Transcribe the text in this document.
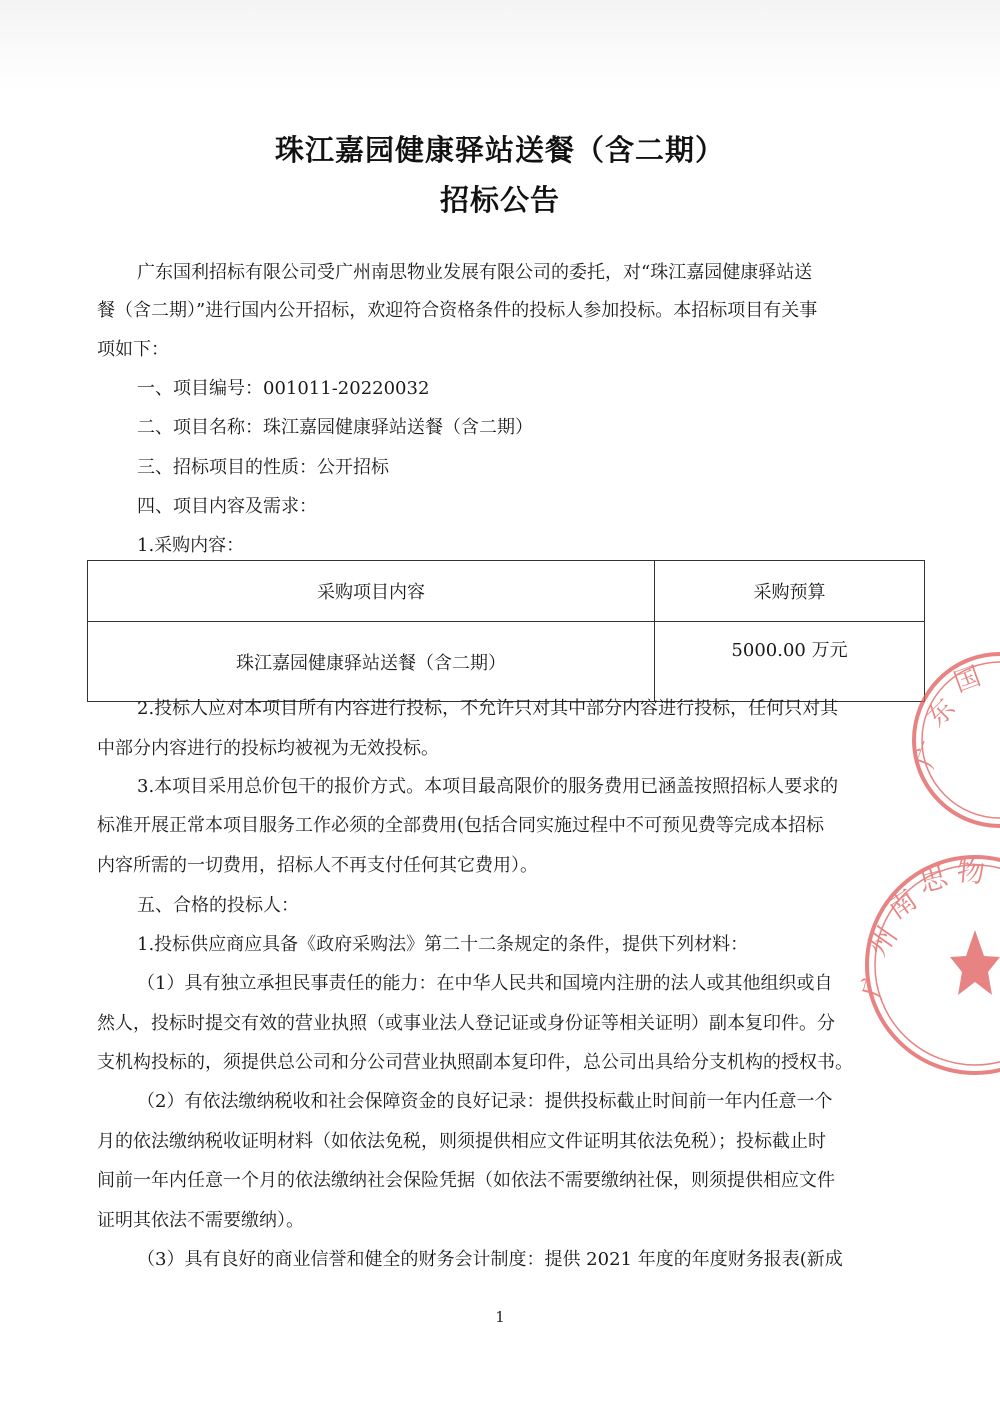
珠江嘉园健康驿站送餐（含二期）
招标公告
广东国利招标有限公司受广州南思物业发展有限公司的委托，对“珠江嘉园健康驿站送
餐（含二期）”进行国内公开招标，欢迎符合资格条件的投标人参加投标。本招标项目有关事
项如下：
一、项目编号：001011-20220032
二、项目名称：珠江嘉园健康驿站送餐（含二期）
三、招标项目的性质：公开招标
四、项目内容及需求：
1.采购内容：
采购项目内容	采购预算
珠江嘉园健康驿站送餐（含二期）	5000.00 万元
2.投标人应对本项目所有内容进行投标，不允许只对其中部分内容进行投标，任何只对其
中部分内容进行的投标均被视为无效投标。
3.本项目采用总价包干的报价方式。本项目最高限价的服务费用已涵盖按照招标人要求的
标准开展正常本项目服务工作必须的全部费用(包括合同实施过程中不可预见费等完成本招标
内容所需的一切费用，招标人不再支付任何其它费用）。
五、合格的投标人：
1.投标供应商应具备《政府采购法》第二十二条规定的条件，提供下列材料：
（1）具有独立承担民事责任的能力：在中华人民共和国境内注册的法人或其他组织或自
然人，投标时提交有效的营业执照（或事业法人登记证或身份证等相关证明）副本复印件。分
支机构投标的，须提供总公司和分公司营业执照副本复印件，总公司出具给分支机构的授权书。
（2）有依法缴纳税收和社会保障资金的良好记录：提供投标截止时间前一年内任意一个
月的依法缴纳税收证明材料（如依法免税，则须提供相应文件证明其依法免税）；投标截止时
间前一年内任意一个月的依法缴纳社会保险凭据（如依法不需要缴纳社保，则须提供相应文件
证明其依法不需要缴纳）。
（3）具有良好的商业信誉和健全的财务会计制度：提供 2021 年度的年度财务报表(新成
1
广
东
国
广
州
南
思 物
